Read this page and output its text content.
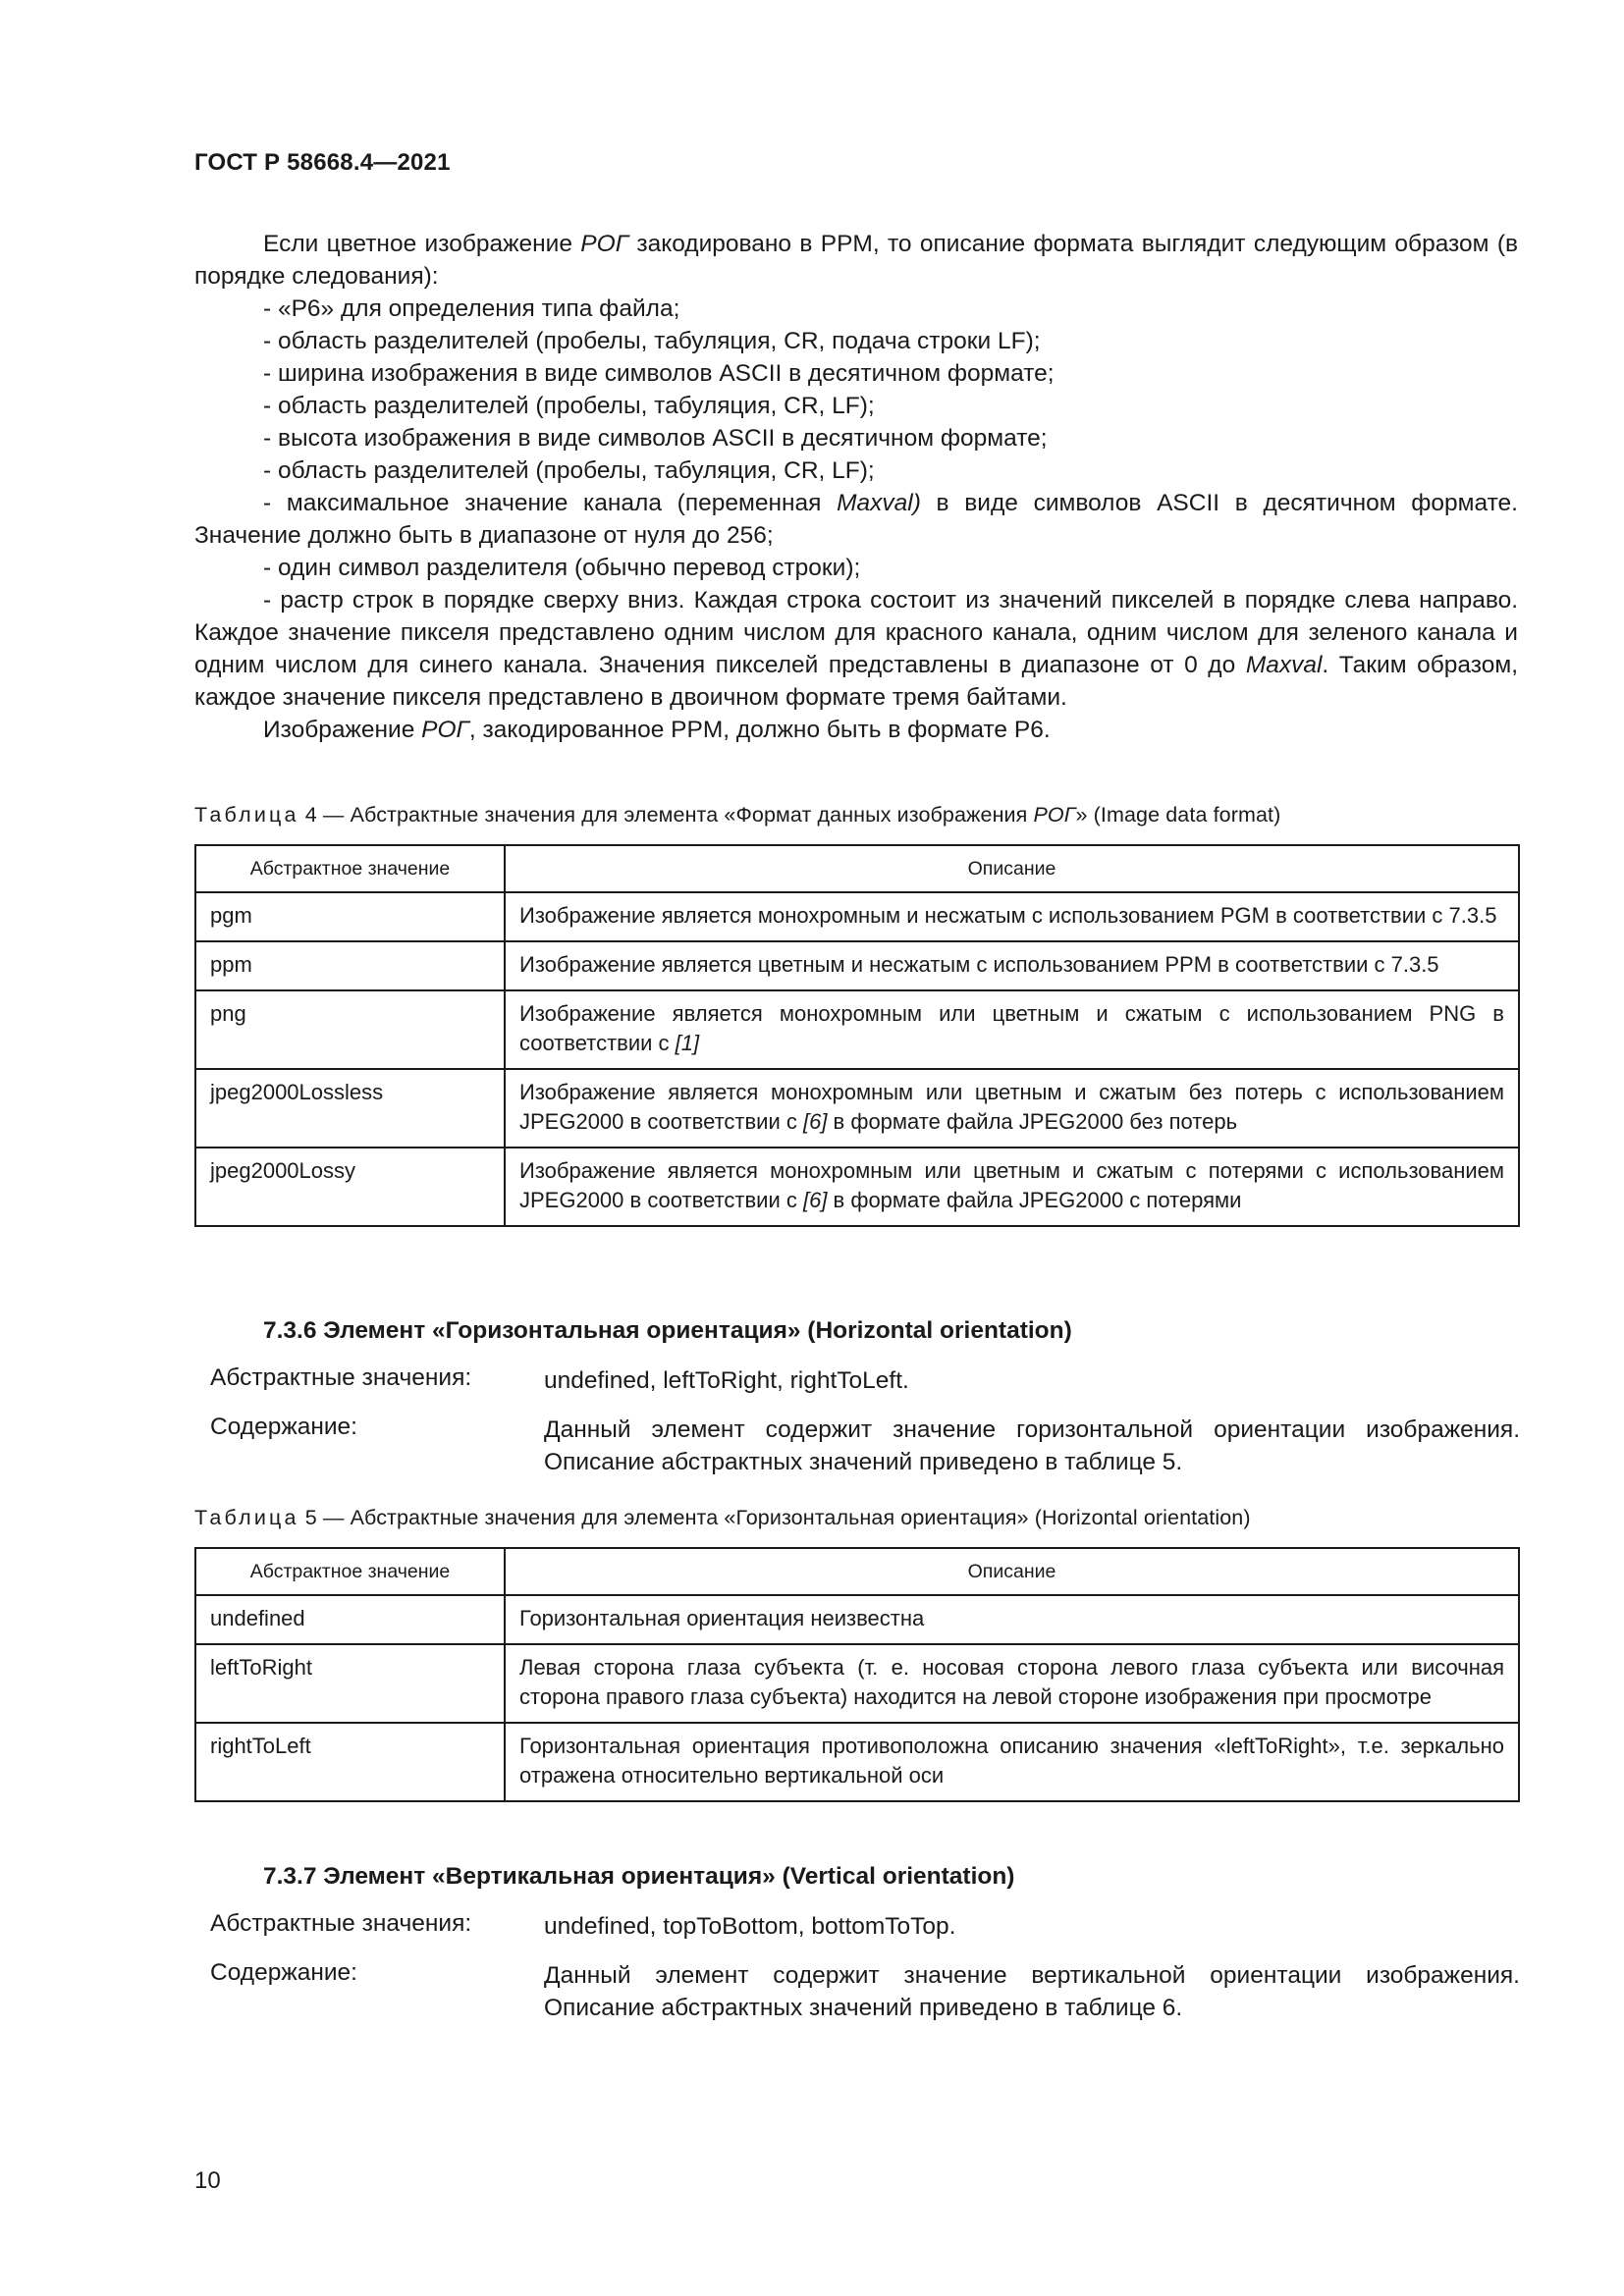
ГОСТ Р 58668.4—2021

Если цветное изображение РОГ закодировано в PPM, то описание формата выглядит следующим образом (в порядке следования):

- «P6» для определения типа файла;

- область разделителей (пробелы, табуляция, CR, подача строки LF);

- ширина изображения в виде символов ASCII в десятичном формате;

- область разделителей (пробелы, табуляция, CR, LF);

- высота изображения в виде символов ASCII в десятичном формате;

- область разделителей (пробелы, табуляция, CR, LF);

- максимальное значение канала (переменная Maxval) в виде символов ASCII в десятичном формате. Значение должно быть в диапазоне от нуля до 256;

- один символ разделителя (обычно перевод строки);

- растр строк в порядке сверху вниз. Каждая строка состоит из значений пикселей в порядке слева направо. Каждое значение пикселя представлено одним числом для красного канала, одним числом для зеленого канала и одним числом для синего канала. Значения пикселей представлены в диапазоне от 0 до Maxval. Таким образом, каждое значение пикселя представлено в двоичном формате тремя байтами.

Изображение РОГ, закодированное PPM, должно быть в формате P6.

Таблица 4 — Абстрактные значения для элемента «Формат данных изображения РОГ» (Image data format)
Абстрактное значение	Описание
pgm	Изображение является монохромным и несжатым с использованием PGM в соответствии с 7.3.5
ppm	Изображение является цветным и несжатым с использованием PPM в соответствии с 7.3.5
png	Изображение является монохромным или цветным и сжатым с использованием PNG в соответствии с [1]
jpeg2000Lossless	Изображение является монохромным или цветным и сжатым без потерь с использованием JPEG2000 в соответствии с [6] в формате файла JPEG2000 без потерь
jpeg2000Lossy	Изображение является монохромным или цветным и сжатым с потерями с использованием JPEG2000 в соответствии с [6] в формате файла JPEG2000 с потерями
7.3.6 Элемент «Горизонтальная ориентация» (Horizontal orientation)
Абстрактные значения:	undefined, leftToRight, rightToLeft.
Содержание:	Данный элемент содержит значение горизонтальной ориентации изображения. Описание абстрактных значений приведено в таблице 5.
Таблица 5 — Абстрактные значения для элемента «Горизонтальная ориентация» (Horizontal orientation)
Абстрактное значение	Описание
undefined	Горизонтальная ориентация неизвестна
leftToRight	Левая сторона глаза субъекта (т. е. носовая сторона левого глаза субъекта или височная сторона правого глаза субъекта) находится на левой стороне изображения при просмотре
rightToLeft	Горизонтальная ориентация противоположна описанию значения «leftToRight», т.е. зеркально отражена относительно вертикальной оси
7.3.7 Элемент «Вертикальная ориентация» (Vertical orientation)
Абстрактные значения:	undefined, topToBottom, bottomToTop.
Содержание:	Данный элемент содержит значение вертикальной ориентации изображения. Описание абстрактных значений приведено в таблице 6.
10
